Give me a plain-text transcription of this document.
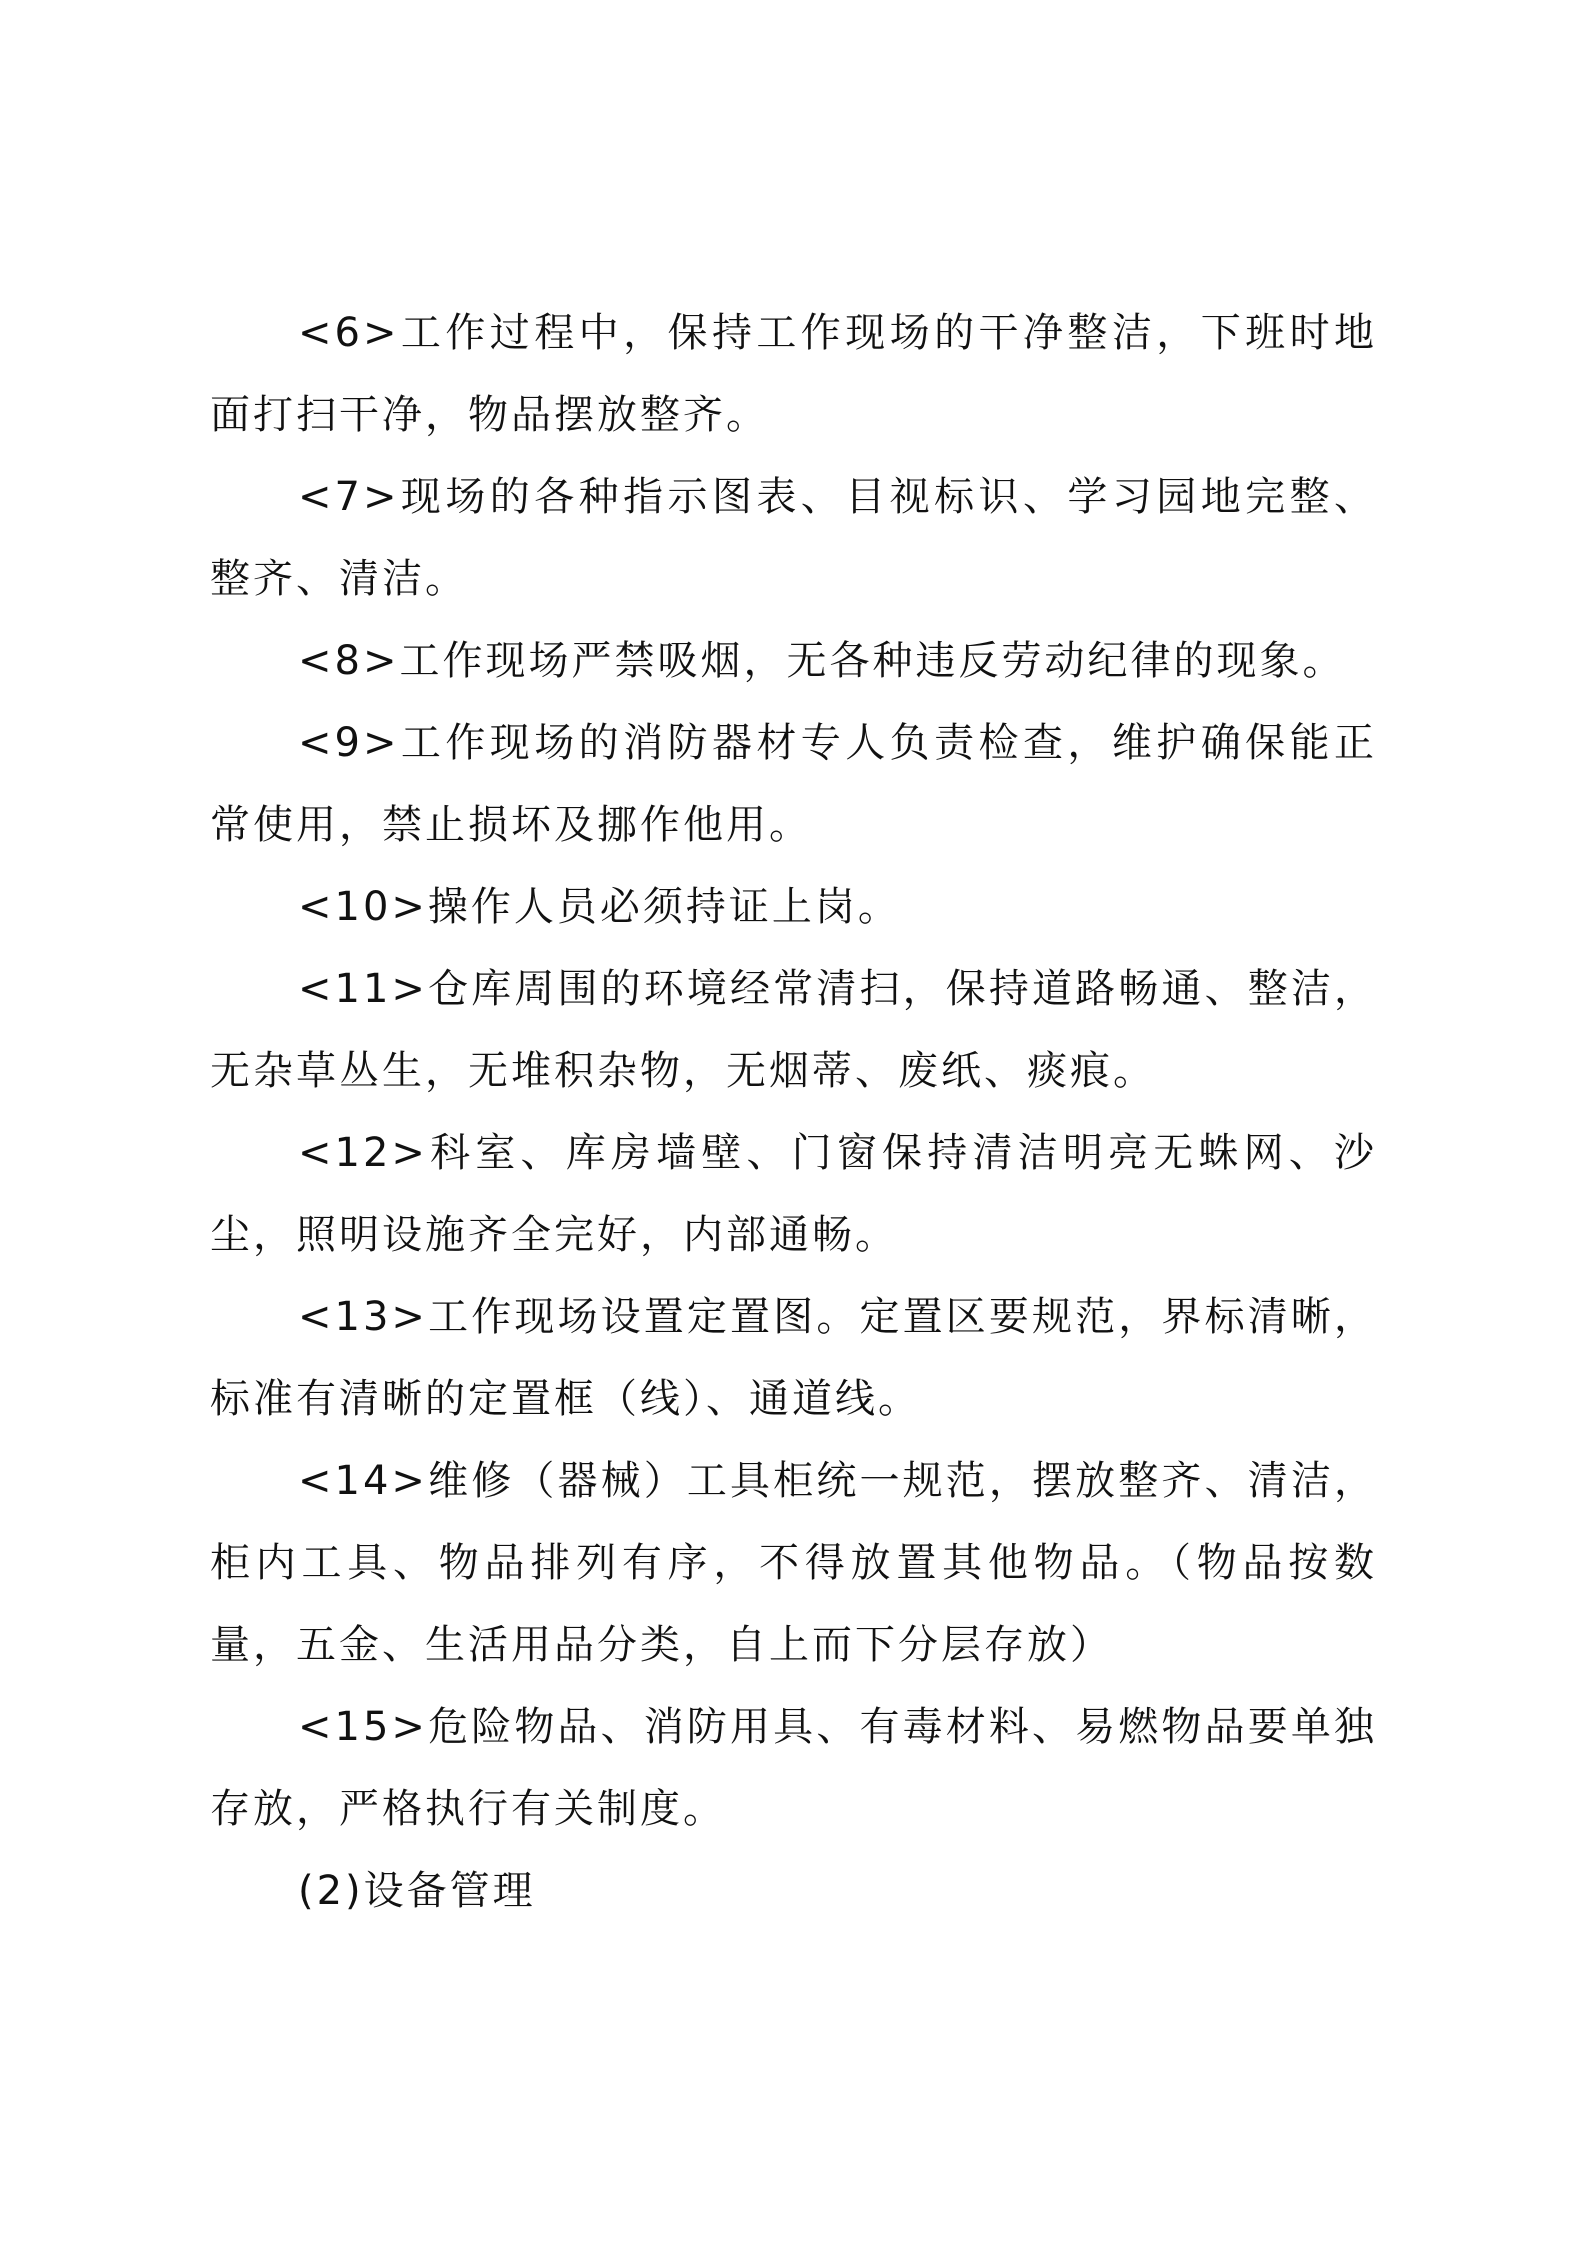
<6>工作过程中，保持工作现场的干净整洁，下班时地面打扫干净，物品摆放整齐。

<7>现场的各种指示图表、目视标识、学习园地完整、整齐、清洁。

<8>工作现场严禁吸烟，无各种违反劳动纪律的现象。

<9>工作现场的消防器材专人负责检查，维护确保能正常使用，禁止损坏及挪作他用。

<10>操作人员必须持证上岗。

<11>仓库周围的环境经常清扫，保持道路畅通、整洁，无杂草丛生，无堆积杂物，无烟蒂、废纸、痰痕。

<12>科室、库房墙壁、门窗保持清洁明亮无蛛网、沙尘，照明设施齐全完好，内部通畅。

<13>工作现场设置定置图。定置区要规范，界标清晰，标准有清晰的定置框（线）、通道线。

<14>维修（器械）工具柜统一规范，摆放整齐、清洁，柜内工具、物品排列有序，不得放置其他物品。（物品按数量，五金、生活用品分类，自上而下分层存放）

<15>危险物品、消防用具、有毒材料、易燃物品要单独存放，严格执行有关制度。

(2)设备管理
